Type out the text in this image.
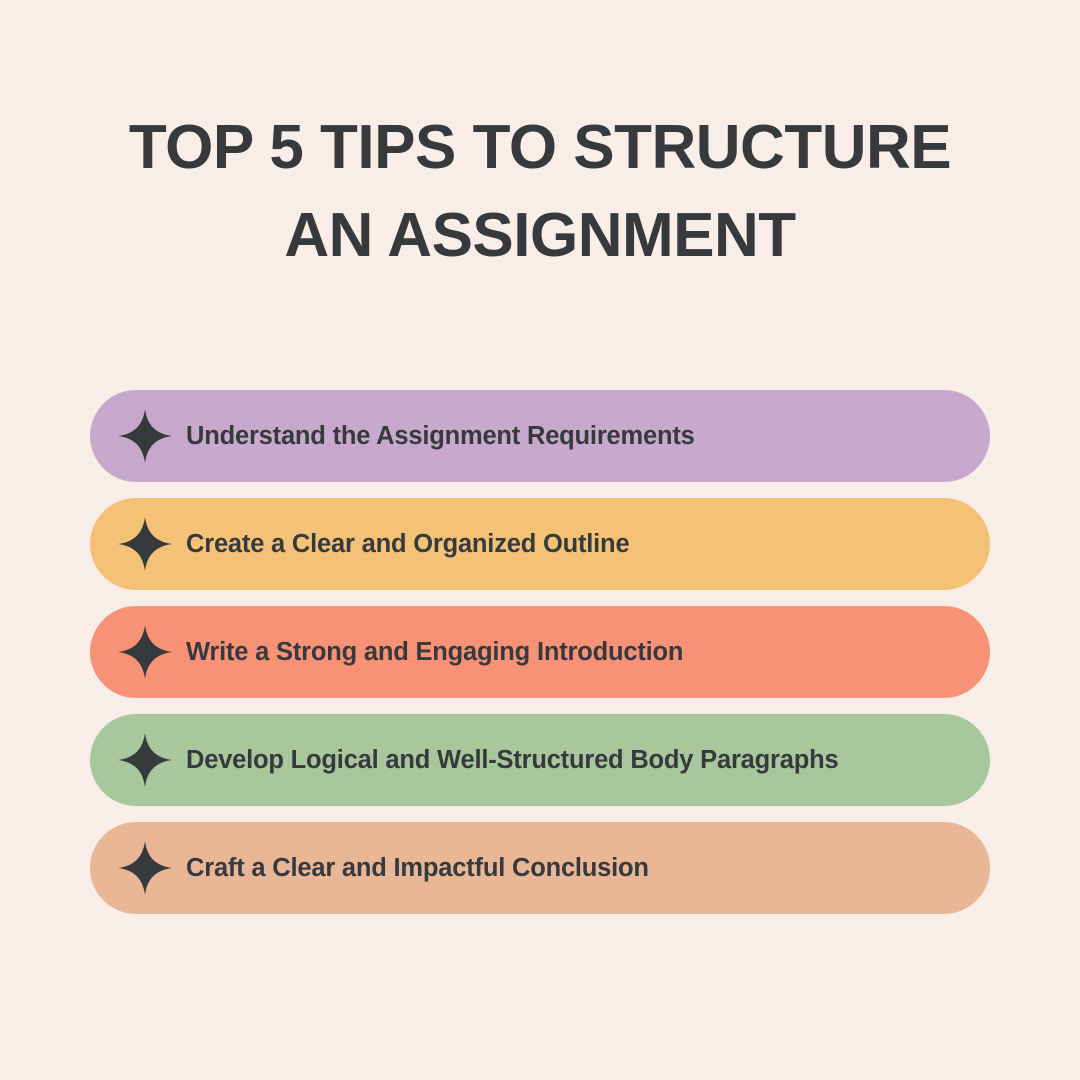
TOP 5 TIPS TO STRUCTURE AN ASSIGNMENT
Understand the Assignment Requirements
Create a Clear and Organized Outline
Write a Strong and Engaging Introduction
Develop Logical and Well-Structured Body Paragraphs
Craft a Clear and Impactful Conclusion
